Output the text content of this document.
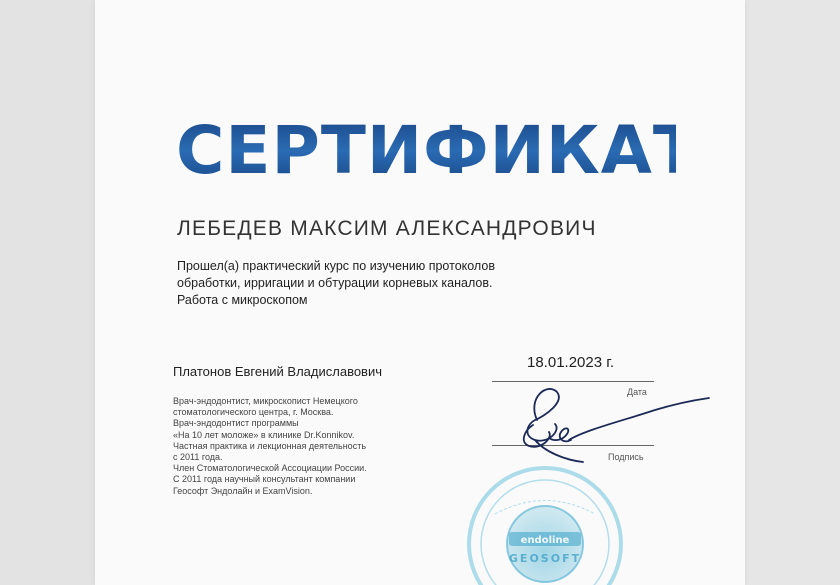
СЕРТИФИКАТ
ЛЕБЕДЕВ МАКСИМ АЛЕКСАНДРОВИЧ
Прошел(а) практический курс по изучению протоколов
обработки, ирригации и обтурации корневых каналов.
Работа с микроскопом
Платонов Евгений Владиславович
Врач-эндодонтист, микроскопист Немецкого
стоматологического центра, г. Москва.
Врач-эндодонтист программы
«На 10 лет моложе» в клинике Dr.Konnikov.
Частная практика и лекционная деятельность
с 2011 года.
Член Стоматологической Ассоциации России.
С 2011 года научный консультант компании
Геософт Эндолайн и ExamVision.
18.01.2023 г.
Дата
Подпись
endoline
GEOSOFT
